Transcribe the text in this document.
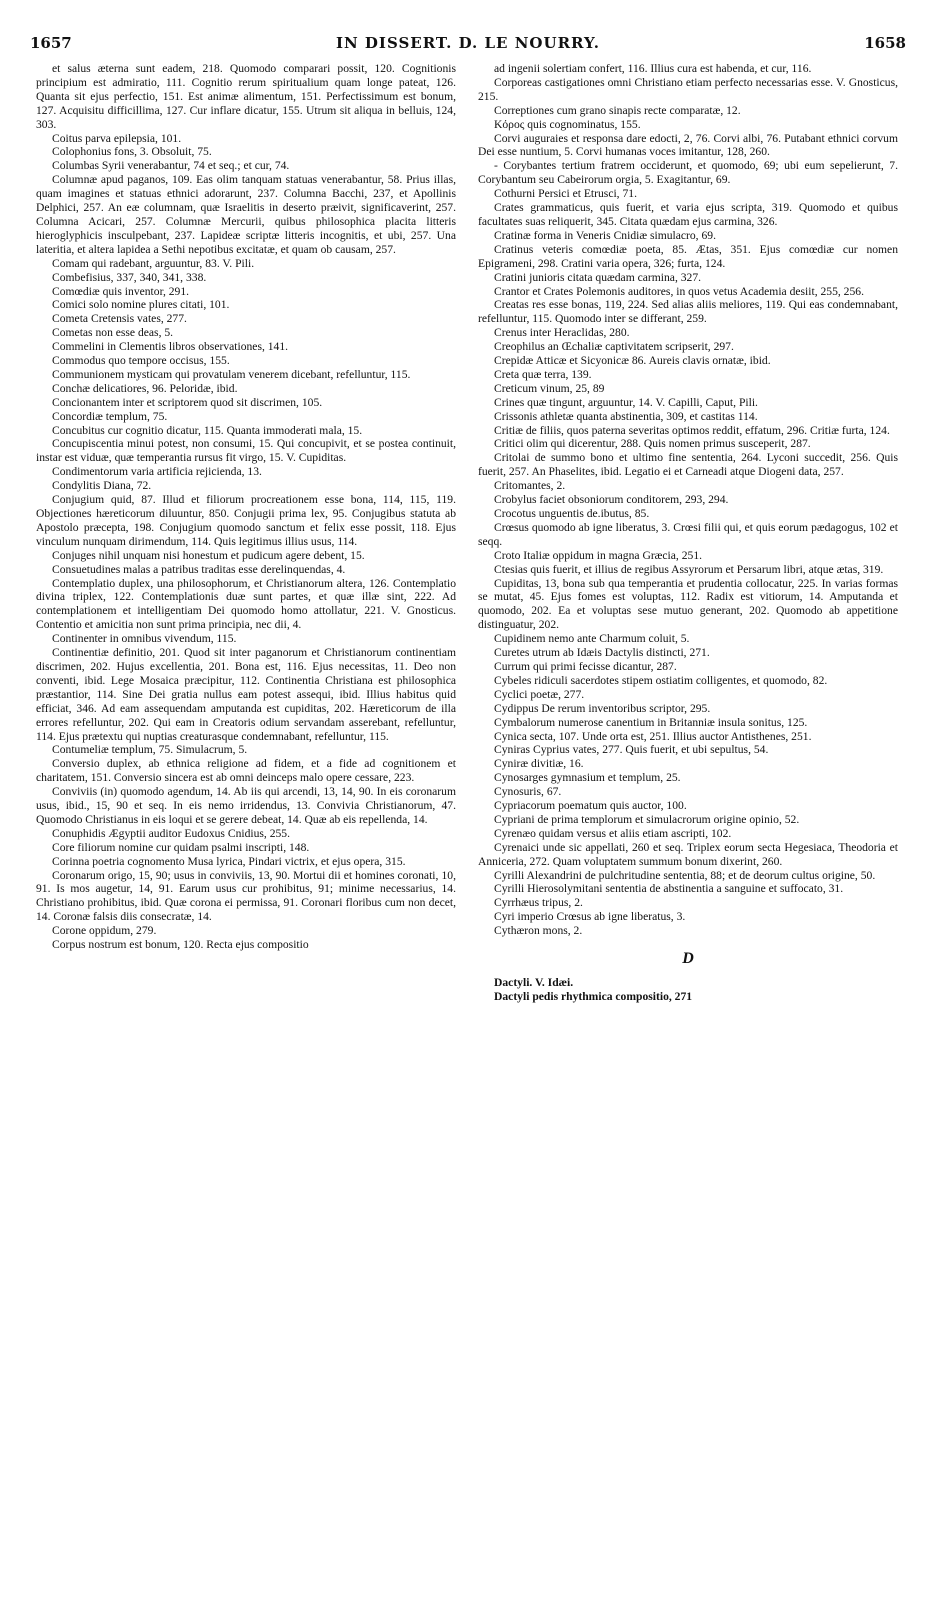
1657	IN DISSERT. D. LE NOURRY.	1658

et salus æterna sunt eadem, 218. Quomodo comparari possit, 120. Cognitionis principium est admiratio, 111. Cognitio rerum spiritualium quam longe pateat, 126. Quanta sit ejus perfectio, 151. Est animæ alimentum, 151. Perfectissimum est bonum, 127. Acquisitu difficillima, 127. Cur inflare dicatur, 155. Utrum sit aliqua in belluis, 124, 303.

Coitus parva epilepsia, 101.

Colophonius fons, 3. Obsoluit, 75.

Columbas Syrii venerabantur, 74 et seq.; et cur, 74.

Columnæ apud paganos, 109. Eas olim tanquam statuas venerabantur, 58. Prius illas, quam imagines et statuas ethnici adorarunt, 237. Columna Bacchi, 237, et Apollinis Delphici, 257. An eæ columnam, quæ Israelitis in deserto præivit, significaverint, 257. Columna Acicari, 257. Columnæ Mercurii, quibus philosophica placita litteris hieroglyphicis insculpebant, 237. Lapideæ scriptæ litteris incognitis, et ubi, 257. Una lateritia, et altera lapidea a Sethi nepotibus excitatæ, et quam ob causam, 257.

Comam qui radebant, arguuntur, 83. V. Pili.

Combefisius, 337, 340, 341, 338.

Comœdiæ quis inventor, 291.

Comici solo nomine plures citati, 101.

Cometa Cretensis vates, 277.

Cometas non esse deas, 5.

Commelini in Clementis libros observationes, 141.

Commodus quo tempore occisus, 155.

Communionem mysticam qui provatulam venerem dicebant, refelluntur, 115.

Conchæ delicatiores, 96. Peloridæ, ibid.

Concionantem inter et scriptorem quod sit discrimen, 105.

Concordiæ templum, 75.

Concubitus cur cognitio dicatur, 115. Quanta immoderati mala, 15.

Concupiscentia minui potest, non consumi, 15. Qui concupivit, et se postea continuit, instar est viduæ, quæ temperantia rursus fit virgo, 15. V. Cupiditas.

Condimentorum varia artificia rejicienda, 13.

Condylitis Diana, 72.

Conjugium quid, 87. Illud et filiorum procreationem esse bona, 114, 115, 119. Objectiones hæreticorum diluuntur, 850. Conjugii prima lex, 95. Conjugibus statuta ab Apostolo præcepta, 198. Conjugium quomodo sanctum et felix esse possit, 118. Ejus vinculum nunquam dirimendum, 114. Quis legitimus illius usus, 114.

Conjuges nihil unquam nisi honestum et pudicum agere debent, 15.

Consuetudines malas a patribus traditas esse derelinquendas, 4.

Contemplatio duplex, una philosophorum, et Christianorum altera, 126. Contemplatio divina triplex, 122. Contemplationis duæ sunt partes, et quæ illæ sint, 222. Ad contemplationem et intelligentiam Dei quomodo homo attollatur, 221. V. Gnosticus. Contentio et amicitia non sunt prima principia, nec dii, 4.

Continenter in omnibus vivendum, 115.

Continentiæ definitio, 201. Quod sit inter paganorum et Christianorum continentiam discrimen, 202. Hujus excellentia, 201. Bona est, 116. Ejus necessitas, 11. Deo non conventi, ibid. Lege Mosaica præcipitur, 112. Continentia Christiana est philosophica præstantior, 114. Sine Dei gratia nullus eam potest assequi, ibid. Illius habitus quid efficiat, 346. Ad eam assequendam amputanda est cupiditas, 202. Hæreticorum de illa errores refelluntur, 202. Qui eam in Creatoris odium servandam asserebant, refelluntur, 114. Ejus prætextu qui nuptias creaturasque condemnabant, refelluntur, 115.

Contumeliæ templum, 75. Simulacrum, 5.

Conversio duplex, ab ethnica religione ad fidem, et a fide ad cognitionem et charitatem, 151. Conversio sincera est ab omni deinceps malo opere cessare, 223.

Conviviis (in) quomodo agendum, 14. Ab iis qui arcendi, 13, 14, 90. In eis coronarum usus, ibid., 15, 90 et seq. In eis nemo irridendus, 13. Convivia Christianorum, 47. Quomodo Christianus in eis loqui et se gerere debeat, 14. Quæ ab eis repellenda, 14.

Conuphidis Ægyptii auditor Eudoxus Cnidius, 255.

Core filiorum nomine cur quidam psalmi inscripti, 148.

Corinna poetria cognomento Musa lyrica, Pindari victrix, et ejus opera, 315.

Coronarum origo, 15, 90; usus in conviviis, 13, 90. Mortui dii et homines coronati, 10, 91. Is mos augetur, 14, 91. Earum usus cur prohibitus, 91; minime necessarius, 14. Christiano prohibitus, ibid. Quæ corona ei permissa, 91. Coronari floribus cum non decet, 14. Coronæ falsis diis consecratæ, 14.

Corone oppidum, 279.

Corpus nostrum est bonum, 120. Recta ejus compositio

ad ingenii solertiam confert, 116. Illius cura est habenda, et cur, 116.

Corporeas castigationes omni Christiano etiam perfecto necessarias esse. V. Gnosticus, 215.

Correptiones cum grano sinapis recte comparatæ, 12.

Κόρος quis cognominatus, 155.

Corvi auguraies et responsa dare edocti, 2, 76. Corvi albi, 76. Putabant ethnici corvum Dei esse nuntium, 5. Corvi humanas voces imitantur, 128, 260.

- Corybantes tertium fratrem occiderunt, et quomodo, 69; ubi eum sepelierunt, 7. Corybantum seu Cabeirorum orgia, 5. Exagitantur, 69.

Cothurni Persici et Etrusci, 71.

Crates grammaticus, quis fuerit, et varia ejus scripta, 319. Quomodo et quibus facultates suas reliquerit, 345. Citata quædam ejus carmina, 326.

Cratinæ forma in Veneris Cnidiæ simulacro, 69.

Cratinus veteris comœdiæ poeta, 85. Ætas, 351. Ejus comœdiæ cur nomen Epigrameni, 298. Cratini varia opera, 326; furta, 124.

Cratini junioris citata quædam carmina, 327.

Crantor et Crates Polemonis auditores, in quos vetus Academia desiit, 255, 256.

Creatas res esse bonas, 119, 224. Sed alias aliis meliores, 119. Qui eas condemnabant, refelluntur, 115. Quomodo inter se differant, 259.

Crenus inter Heraclidas, 280.

Creophilus an Œchaliæ captivitatem scripserit, 297.

Crepidæ Atticæ et Sicyonicæ 86. Aureis clavis ornatæ, ibid.

Creta quæ terra, 139.

Creticum vinum, 25, 89

Crines quæ tingunt, arguuntur, 14. V. Capilli, Caput, Pili.

Crissonis athletæ quanta abstinentia, 309, et castitas 114.

Critiæ de filiis, quos paterna severitas optimos reddit, effatum, 296. Critiæ furta, 124.

Critici olim qui dicerentur, 288. Quis nomen primus susceperit, 287.

Critolai de summo bono et ultimo fine sententia, 264. Lyconi succedit, 256. Quis fuerit, 257. An Phaselites, ibid. Legatio ei et Carneadi atque Diogeni data, 257.

Critomantes, 2.

Crobylus faciet obsoniorum conditorem, 293, 294.

Crocotus unguentis de.ibutus, 85.

Crœsus quomodo ab igne liberatus, 3. Crœsi filii qui, et quis eorum pædagogus, 102 et seqq.

Croto Italiæ oppidum in magna Græcia, 251.

Ctesias quis fuerit, et illius de regibus Assyrorum et Persarum libri, atque ætas, 319.

Cupiditas, 13, bona sub qua temperantia et prudentia collocatur, 225. In varias formas se mutat, 45. Ejus fomes est voluptas, 112. Radix est vitiorum, 14. Amputanda et quomodo, 202. Ea et voluptas sese mutuo generant, 202. Quomodo ab appetitione distinguatur, 202.

Cupidinem nemo ante Charmum coluit, 5.

Curetes utrum ab Idæis Dactylis distincti, 271.

Currum qui primi fecisse dicantur, 287.

Cybeles ridiculi sacerdotes stipem ostiatim colligentes, et quomodo, 82.

Cyclici poetæ, 277.

Cydippus De rerum inventoribus scriptor, 295.

Cymbalorum numerose canentium in Britanniæ insula sonitus, 125.

Cynica secta, 107. Unde orta est, 251. Illius auctor Antisthenes, 251.

Cyniras Cyprius vates, 277. Quis fuerit, et ubi sepultus, 54.

Cyniræ divitiæ, 16.

Cynosarges gymnasium et templum, 25.

Cynosuris, 67.

Cypriacorum poematum quis auctor, 100.

Cypriani de prima templorum et simulacrorum origine opinio, 52.

Cyrenæo quidam versus et aliis etiam ascripti, 102.

Cyrenaici unde sic appellati, 260 et seq. Triplex eorum secta Hegesiaca, Theodoria et Anniceria, 272. Quam voluptatem summum bonum dixerint, 260.

Cyrilli Alexandrini de pulchritudine sententia, 88; et de deorum cultus origine, 50.

Cyrilli Hierosolymitani sententia de abstinentia a sanguine et suffocato, 31.

Cyrrhæus tripus, 2.

Cyri imperio Crœsus ab igne liberatus, 3.

Cythæron mons, 2.

D

Dactyli. V. Idæi.

Dactyli pedis rhythmica compositio, 271
